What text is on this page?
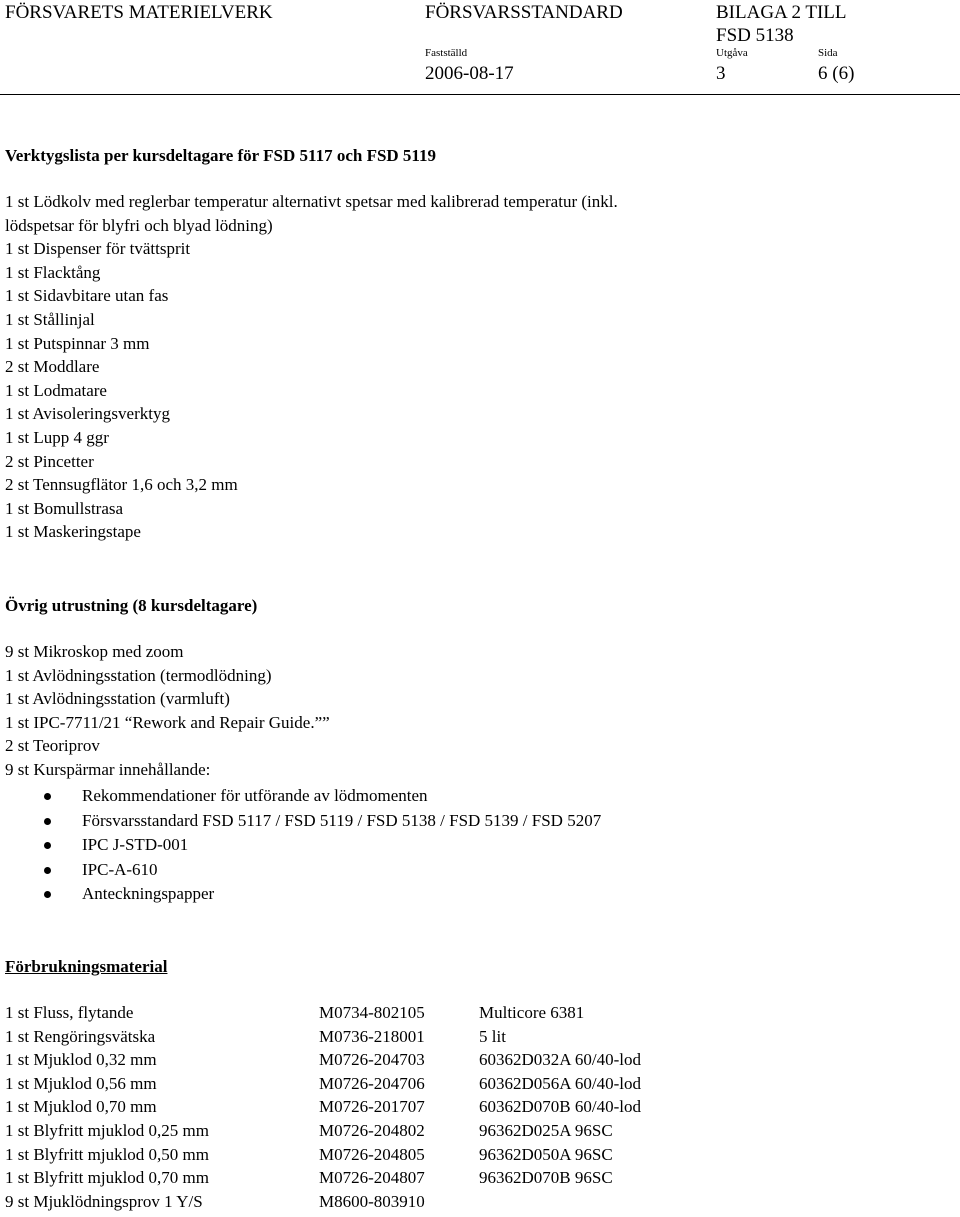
FÖRSVARETS MATERIELVERK	FÖRSVARSSTANDARD	BILAGA 2 TILL
FSD 5138
Fastställd	Utgåva	Sida
2006-08-17	3	6 (6)
Verktygslista per kursdeltagare för FSD 5117 och FSD 5119
1 st Lödkolv med reglerbar temperatur alternativt spetsar med kalibrerad temperatur (inkl.
lödspetsar för blyfri och blyad lödning)
1 st Dispenser för tvättsprit
1 st Flacktång
1 st Sidavbitare utan fas
1 st Stållinjal
1 st Putspinnar 3 mm
2 st Moddlare
1 st Lodmatare
1 st Avisoleringsverktyg
1 st Lupp 4 ggr
2 st Pincetter
2 st Tennsugflätor 1,6 och 3,2 mm
1 st Bomullstrasa
1 st Maskeringstape
Övrig utrustning (8 kursdeltagare)
9 st Mikroskop med zoom
1 st Avlödningsstation (termodlödning)
1 st Avlödningsstation (varmluft)
1 st IPC-7711/21 “Rework and Repair Guide.””
2 st Teoriprov
9 st Kurspärmar innehållande:
Rekommendationer för utförande av lödmomenten
Försvarsstandard FSD 5117 / FSD 5119 / FSD 5138 / FSD 5139 / FSD 5207
IPC J-STD-001
IPC-A-610
Anteckningspapper
Förbrukningsmaterial
1 st Fluss, flytande	M0734-802105	Multicore 6381
1 st Rengöringsvätska	M0736-218001	5 lit
1 st Mjuklod 0,32 mm	M0726-204703	60362D032A 60/40-lod
1 st Mjuklod 0,56 mm	M0726-204706	60362D056A 60/40-lod
1 st Mjuklod 0,70 mm	M0726-201707	60362D070B 60/40-lod
1 st Blyfritt mjuklod 0,25 mm	M0726-204802	96362D025A 96SC
1 st Blyfritt mjuklod 0,50 mm	M0726-204805	96362D050A 96SC
1 st Blyfritt mjuklod 0,70 mm	M0726-204807	96362D070B 96SC
9 st Mjuklödningsprov 1 Y/S	M8600-803910	
